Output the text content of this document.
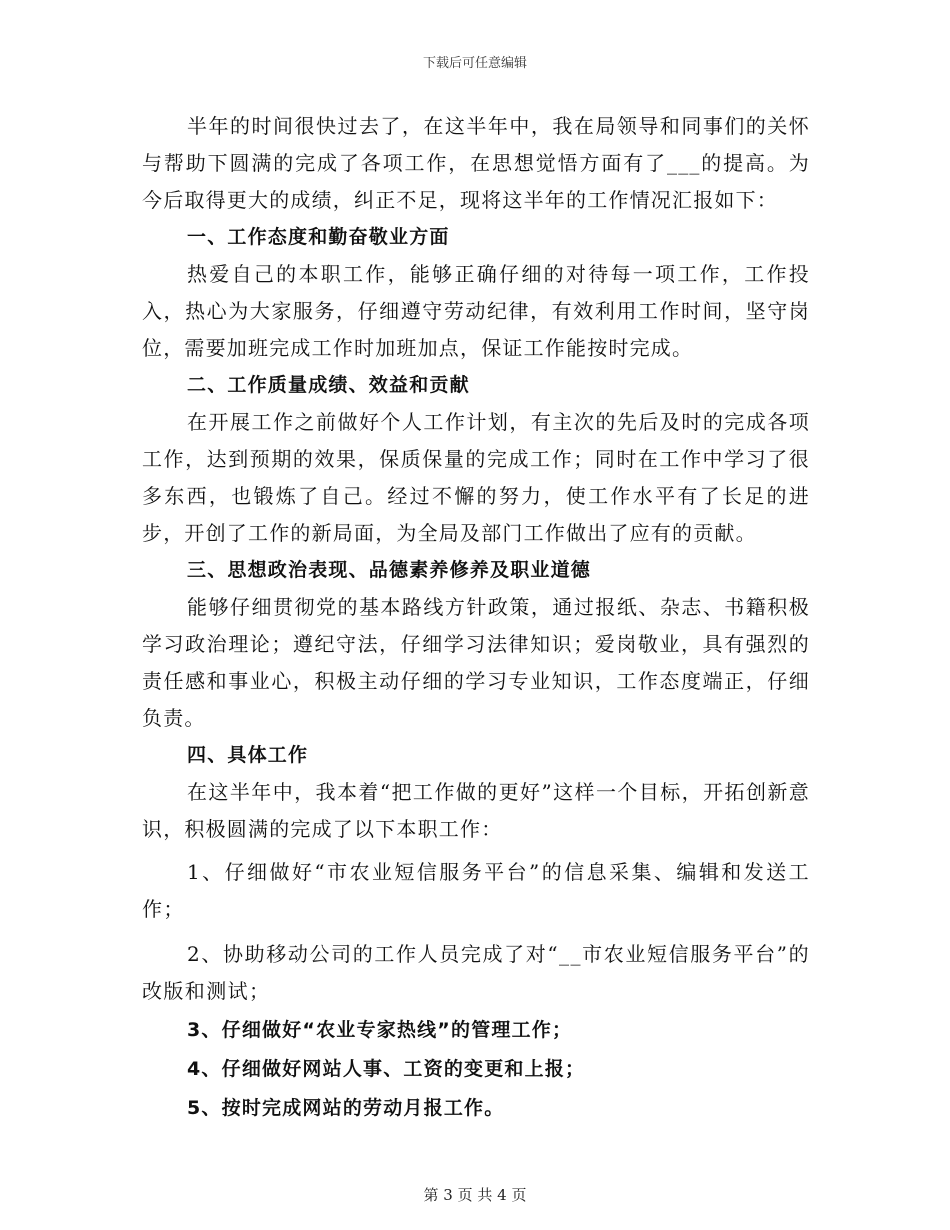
下载后可任意编辑

半年的时间很快过去了，在这半年中，我在局领导和同事们的关怀与帮助下圆满的完成了各项工作，在思想觉悟方面有了___的提高。为今后取得更大的成绩，纠正不足，现将这半年的工作情况汇报如下：

一、工作态度和勤奋敬业方面

热爱自己的本职工作，能够正确仔细的对待每一项工作，工作投入，热心为大家服务，仔细遵守劳动纪律，有效利用工作时间，坚守岗位，需要加班完成工作时加班加点，保证工作能按时完成。

二、工作质量成绩、效益和贡献

在开展工作之前做好个人工作计划，有主次的先后及时的完成各项工作，达到预期的效果，保质保量的完成工作；同时在工作中学习了很多东西，也锻炼了自己。经过不懈的努力，使工作水平有了长足的进步，开创了工作的新局面，为全局及部门工作做出了应有的贡献。

三、思想政治表现、品德素养修养及职业道德

能够仔细贯彻党的基本路线方针政策，通过报纸、杂志、书籍积极学习政治理论；遵纪守法，仔细学习法律知识；爱岗敬业，具有强烈的责任感和事业心，积极主动仔细的学习专业知识，工作态度端正，仔细负责。

四、具体工作

在这半年中，我本着“把工作做的更好”这样一个目标，开拓创新意识，积极圆满的完成了以下本职工作：

1、仔细做好“市农业短信服务平台”的信息采集、编辑和发送工作；

2、协助移动公司的工作人员完成了对“__市农业短信服务平台”的改版和测试；

3、仔细做好“农业专家热线”的管理工作；

4、仔细做好网站人事、工资的变更和上报；

5、按时完成网站的劳动月报工作。

第 3 页 共 4 页
